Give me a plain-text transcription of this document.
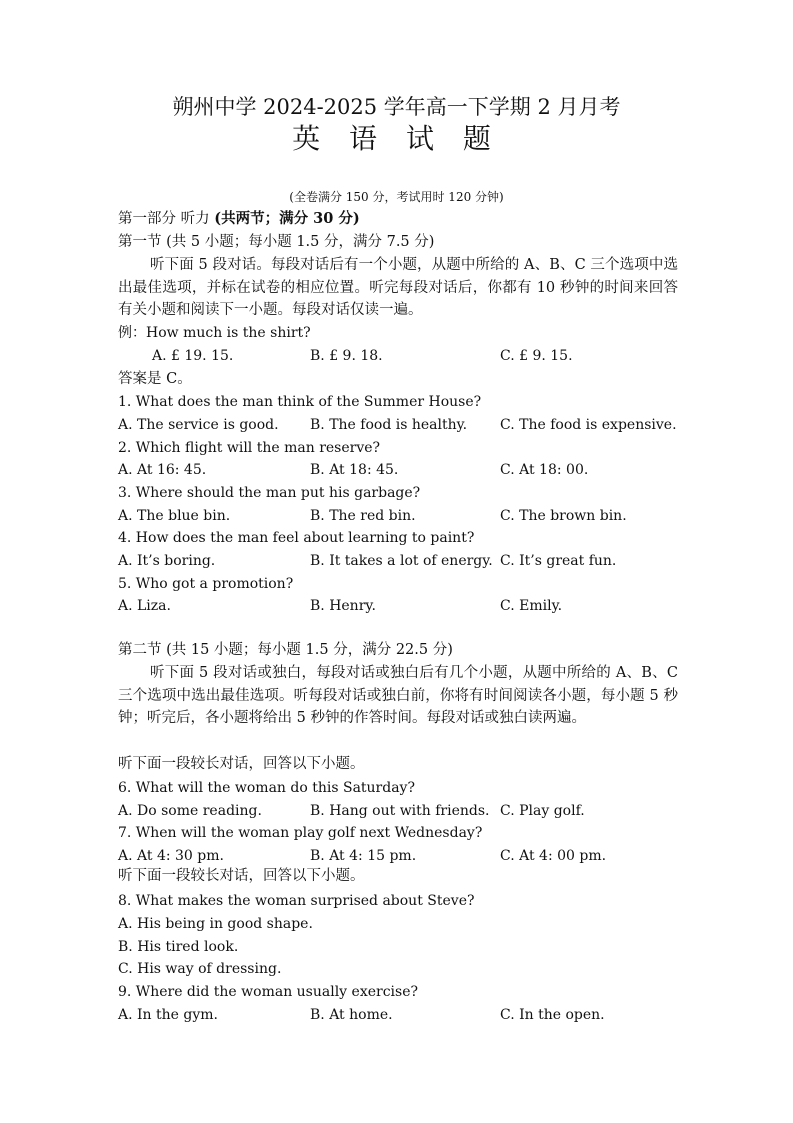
朔州中学 2024-2025 学年高一下学期 2 月月考
英 语 试 题
(全卷满分 150 分，考试用时 120 分钟)
第一部分 听力 (共两节；满分 30 分)
第一节 (共 5 小题；每小题 1.5 分，满分 7.5 分)
听下面 5 段对话。每段对话后有一个小题，从题中所给的 A、B、C 三个选项中选出最佳选项，并标在试卷的相应位置。听完每段对话后，你都有 10 秒钟的时间来回答有关小题和阅读下一小题。每段对话仅读一遍。
例：How much is the shirt?
A. £ 19. 15.	B. £ 9. 18.	C. £ 9. 15.
答案是 C。
1. What does the man think of the Summer House?
A. The service is good. B. The food is healthy. C. The food is expensive.
2. Which flight will the man reserve?
A. At 16: 45.	B. At 18: 45.	C. At 18: 00.
3. Where should the man put his garbage?
A. The blue bin.	B. The red bin.	C. The brown bin.
4. How does the man feel about learning to paint?
A. It’s boring.	B. It takes a lot of energy. C. It’s great fun.
5. Who got a promotion?
A. Liza.	B. Henry.	C. Emily.
第二节 (共 15 小题；每小题 1.5 分，满分 22.5 分)
听下面 5 段对话或独白，每段对话或独白后有几个小题，从题中所给的 A、B、C 三个选项中选出最佳选项。听每段对话或独白前，你将有时间阅读各小题，每小题 5 秒钟；听完后，各小题将给出 5 秒钟的作答时间。每段对话或独白读两遍。
听下面一段较长对话，回答以下小题。
6. What will the woman do this Saturday?
A. Do some reading.	B. Hang out with friends. C. Play golf.
7. When will the woman play golf next Wednesday?
A. At 4: 30 pm.	B. At 4: 15 pm.	C. At 4: 00 pm.
听下面一段较长对话，回答以下小题。
8. What makes the woman surprised about Steve?
A. His being in good shape.
B. His tired look.
C. His way of dressing.
9. Where did the woman usually exercise?
A. In the gym.	B. At home.	C. In the open.
